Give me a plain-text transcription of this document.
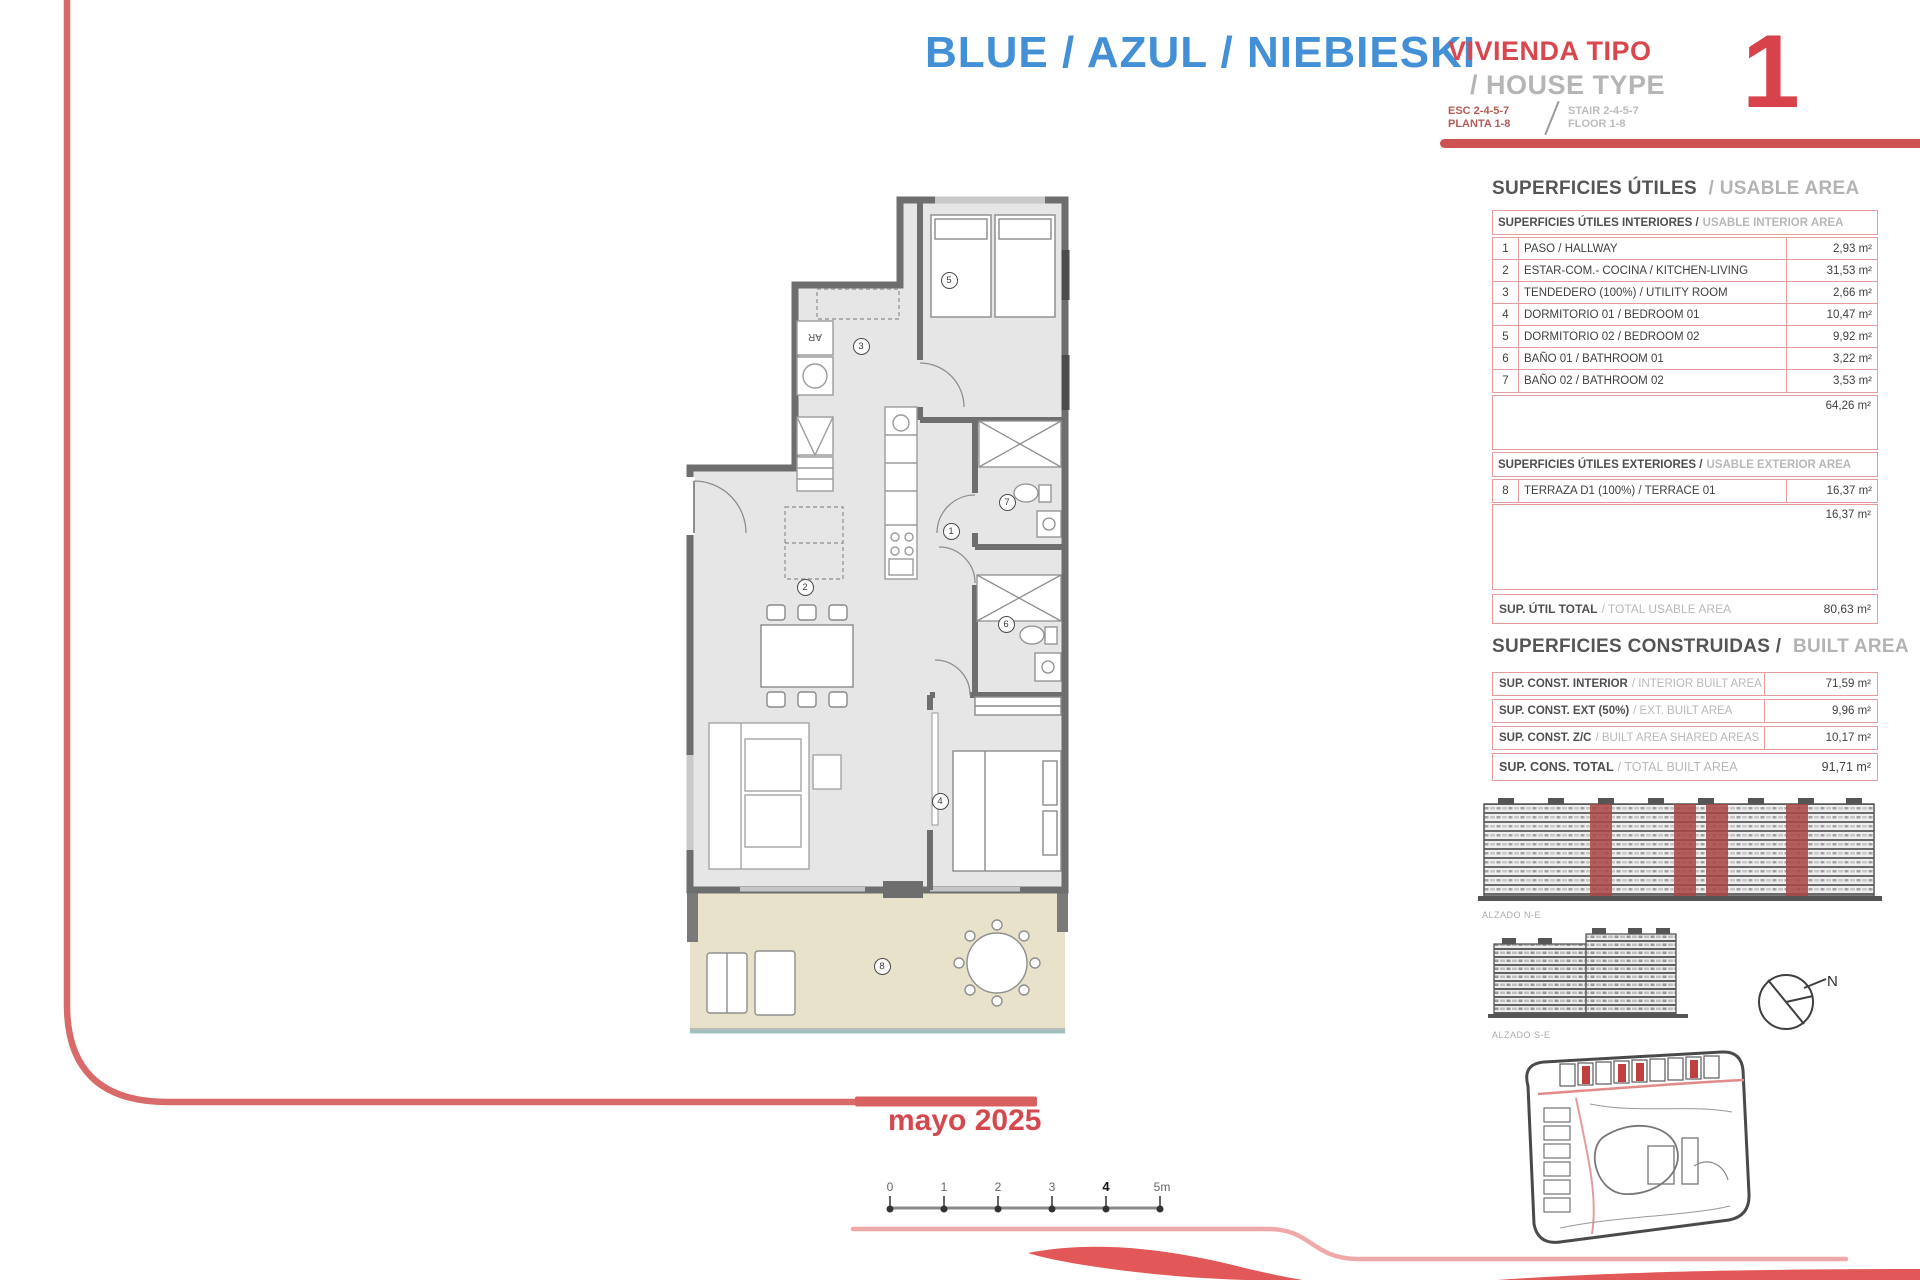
BLUE / AZUL / NIEBIESKI
VIVIENDA TIPO
/ HOUSE TYPE
ESC 2-4-5-7
PLANTA 1-8
STAIR 2-4-5-7
FLOOR 1-8 1
SUPERFICIES ÚTILES / USABLE AREA
SUPERFICIES ÚTILES INTERIORES / USABLE INTERIOR AREA
1	PASO / HALLWAY	2,93 m²
2	ESTAR-COM.- COCINA / KITCHEN-LIVING	31,53 m²
3	TENDEDERO (100%) / UTILITY ROOM	2,66 m²
4	DORMITORIO 01 / BEDROOM 01	10,47 m²
5	DORMITORIO 02 / BEDROOM 02	9,92 m²
6	BAÑO 01 / BATHROOM 01	3,22 m²
7	BAÑO 02 / BATHROOM 02	3,53 m²
64,26 m²
SUPERFICIES ÚTILES EXTERIORES / USABLE EXTERIOR AREA
8	TERRAZA D1 (100%) / TERRACE 01	16,37 m²
16,37 m²
SUP. ÚTIL TOTAL / TOTAL USABLE AREA	80,63 m²
SUPERFICIES CONSTRUIDAS / BUILT AREA
SUP. CONST. INTERIOR / INTERIOR BUILT AREA	71,59 m²
SUP. CONST. EXT (50%) / EXT. BUILT AREA	9,96 m²
SUP. CONST. Z/C / BUILT AREA SHARED AREAS	10,17 m²
SUP. CONS. TOTAL / TOTAL BUILT AREA	91,71 m²
ALZADO N-E
ALZADO S-E
N
AR
1
2
3
4
5
6
7
8
mayo 2025
0	1	2	3	4	5m
